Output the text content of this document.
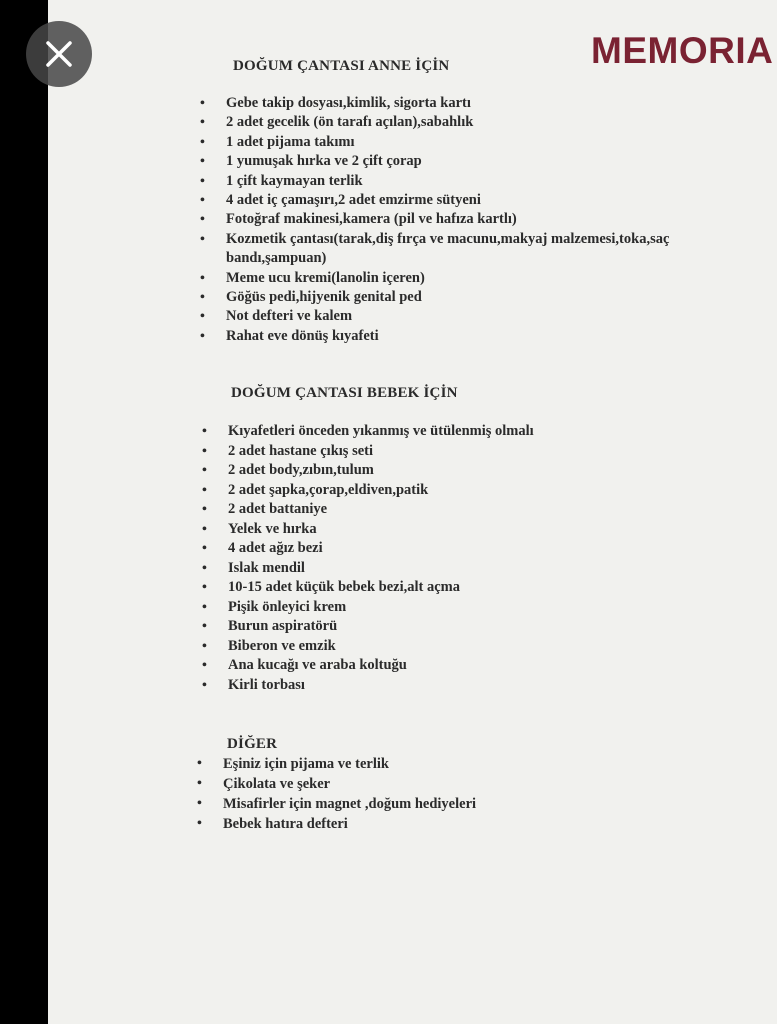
MEMORIA
DOĞUM ÇANTASI ANNE İÇİN
• Gebe takip dosyası,kimlik, sigorta kartı
• 2 adet gecelik (ön tarafı açılan),sabahlık
• 1 adet pijama takımı
• 1 yumuşak hırka ve 2 çift çorap
• 1 çift kaymayan terlik
• 4 adet iç çamaşırı,2 adet emzirme sütyeni
• Fotoğraf makinesi,kamera (pil ve hafıza kartlı)
• Kozmetik çantası(tarak,diş fırça ve macunu,makyaj malzemesi,toka,saç bandı,şampuan)
• Meme ucu kremi(lanolin içeren)
• Göğüs pedi,hijyenik genital ped
• Not defteri ve kalem
• Rahat eve dönüş kıyafeti
DOĞUM ÇANTASI BEBEK İÇİN
• Kıyafetleri önceden yıkanmış ve ütülenmiş olmalı
• 2 adet hastane çıkış seti
• 2 adet body,zıbın,tulum
• 2 adet şapka,çorap,eldiven,patik
• 2 adet battaniye
• Yelek ve hırka
• 4 adet ağız bezi
• Islak mendil
• 10-15 adet küçük bebek bezi,alt açma
• Pişik önleyici krem
• Burun aspiratörü
• Biberon ve emzik
• Ana kucağı ve araba koltuğu
• Kirli torbası
DİĞER
• Eşiniz için pijama ve terlik
• Çikolata ve şeker
• Misafirler için magnet ,doğum hediyeleri
• Bebek hatıra defteri
